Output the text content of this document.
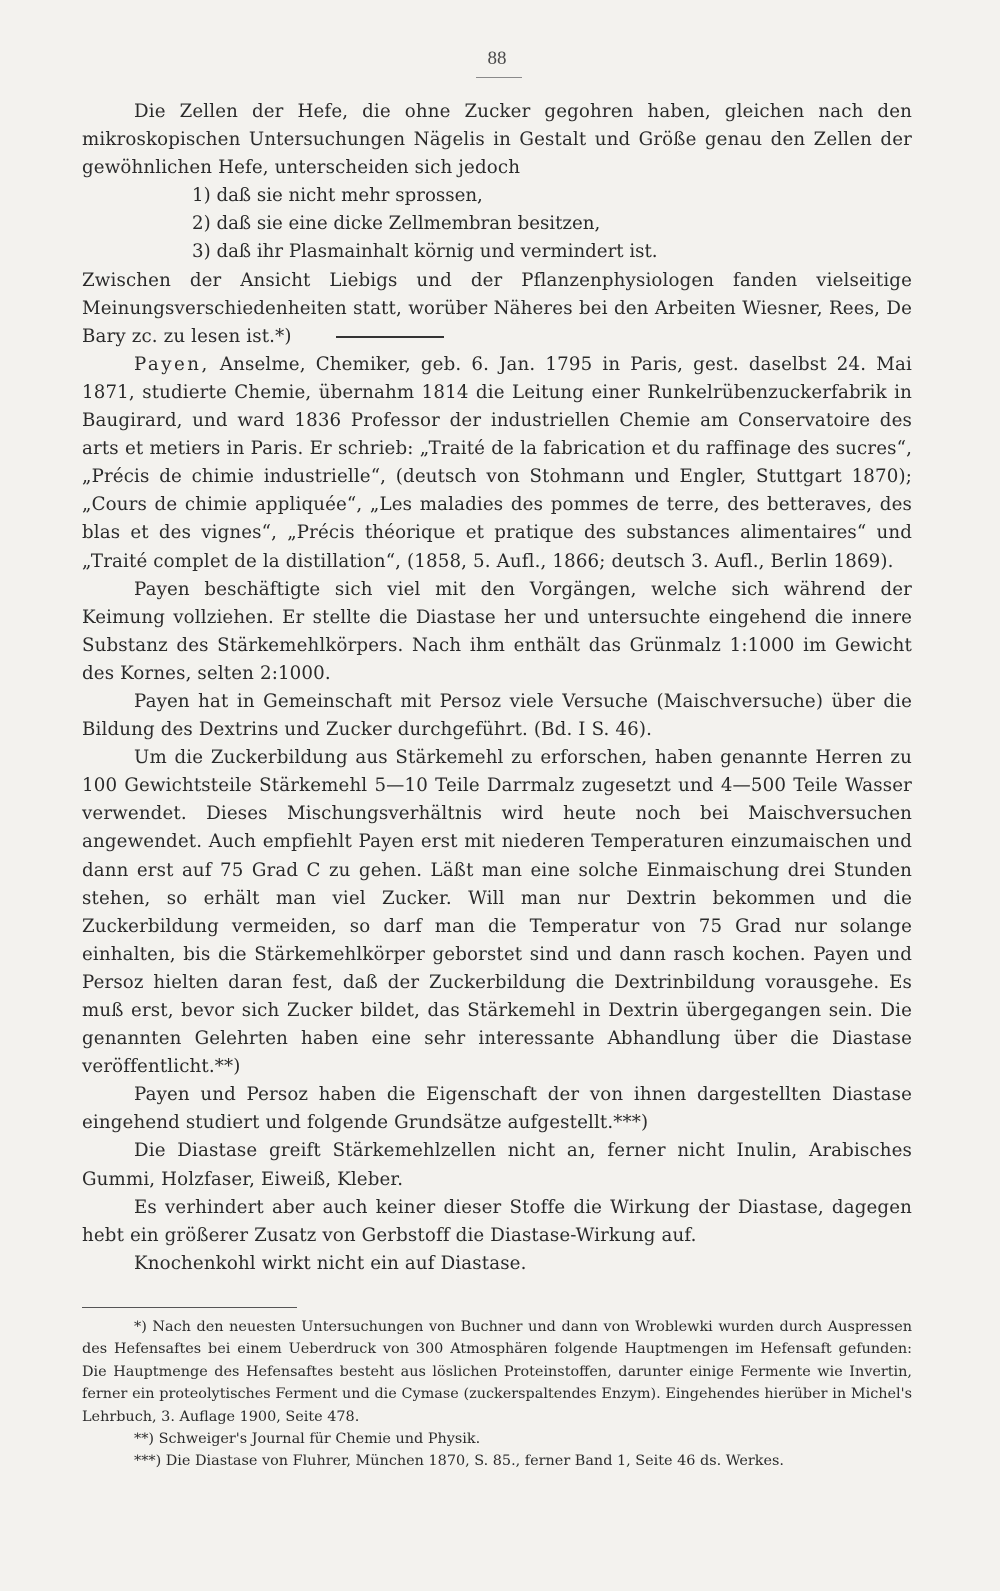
88

Die Zellen der Hefe, die ohne Zucker gegohren haben, gleichen nach den mikroskopischen Untersuchungen Nägelis in Gestalt und Größe genau den Zellen der gewöhnlichen Hefe, unterscheiden sich jedoch

1) daß sie nicht mehr sprossen,

2) daß sie eine dicke Zellmembran besitzen,

3) daß ihr Plasmainhalt körnig und vermindert ist.

Zwischen der Ansicht Liebigs und der Pflanzenphysiologen fanden vielseitige Meinungsverschiedenheiten statt, worüber Näheres bei den Arbeiten Wiesner, Rees, De Bary zc. zu lesen ist.*)

Payen, Anselme, Chemiker, geb. 6. Jan. 1795 in Paris, gest. daselbst 24. Mai 1871, studierte Chemie, übernahm 1814 die Leitung einer Runkelrübenzuckerfabrik in Baugirard, und ward 1836 Professor der industriellen Chemie am Conservatoire des arts et metiers in Paris. Er schrieb: „Traité de la fabrication et du raffinage des sucres“, „Précis de chimie industrielle“, (deutsch von Stohmann und Engler, Stuttgart 1870); „Cours de chimie appliquée“, „Les maladies des pommes de terre, des betteraves, des blas et des vignes“, „Précis théorique et pratique des substances alimentaires“ und „Traité complet de la distillation“, (1858, 5. Aufl., 1866; deutsch 3. Aufl., Berlin 1869).

Payen beschäftigte sich viel mit den Vorgängen, welche sich während der Keimung vollziehen. Er stellte die Diastase her und untersuchte eingehend die innere Substanz des Stärkemehlkörpers. Nach ihm enthält das Grünmalz 1:1000 im Gewicht des Kornes, selten 2:1000.

Payen hat in Gemeinschaft mit Persoz viele Versuche (Maischversuche) über die Bildung des Dextrins und Zucker durchgeführt. (Bd. I S. 46).

Um die Zuckerbildung aus Stärkemehl zu erforschen, haben genannte Herren zu 100 Gewichtsteile Stärkemehl 5—10 Teile Darrmalz zugesetzt und 4—500 Teile Wasser verwendet. Dieses Mischungsverhältnis wird heute noch bei Maischversuchen angewendet. Auch empfiehlt Payen erst mit niederen Temperaturen einzumaischen und dann erst auf 75 Grad C zu gehen. Läßt man eine solche Einmaischung drei Stunden stehen, so erhält man viel Zucker. Will man nur Dextrin bekommen und die Zuckerbildung vermeiden, so darf man die Temperatur von 75 Grad nur solange einhalten, bis die Stärkemehlkörper geborstet sind und dann rasch kochen. Payen und Persoz hielten daran fest, daß der Zuckerbildung die Dextrinbildung vorausgehe. Es muß erst, bevor sich Zucker bildet, das Stärkemehl in Dextrin übergegangen sein. Die genannten Gelehrten haben eine sehr interessante Abhandlung über die Diastase veröffentlicht.**)

Payen und Persoz haben die Eigenschaft der von ihnen dargestellten Diastase eingehend studiert und folgende Grundsätze aufgestellt.***)

Die Diastase greift Stärkemehlzellen nicht an, ferner nicht Inulin, Arabisches Gummi, Holzfaser, Eiweiß, Kleber.

Es verhindert aber auch keiner dieser Stoffe die Wirkung der Diastase, dagegen hebt ein größerer Zusatz von Gerbstoff die Diastase-Wirkung auf.

Knochenkohl wirkt nicht ein auf Diastase.

*) Nach den neuesten Untersuchungen von Buchner und dann von Wroblewki wurden durch Auspressen des Hefensaftes bei einem Ueberdruck von 300 Atmosphären folgende Hauptmengen im Hefensaft gefunden: Die Hauptmenge des Hefensaftes besteht aus löslichen Proteinstoffen, darunter einige Fermente wie Invertin, ferner ein proteolytisches Ferment und die Cymase (zuckerspaltendes Enzym). Eingehendes hierüber in Michel's Lehrbuch, 3. Auflage 1900, Seite 478.

**) Schweiger's Journal für Chemie und Physik.

***) Die Diastase von Fluhrer, München 1870, S. 85., ferner Band 1, Seite 46 ds. Werkes.
